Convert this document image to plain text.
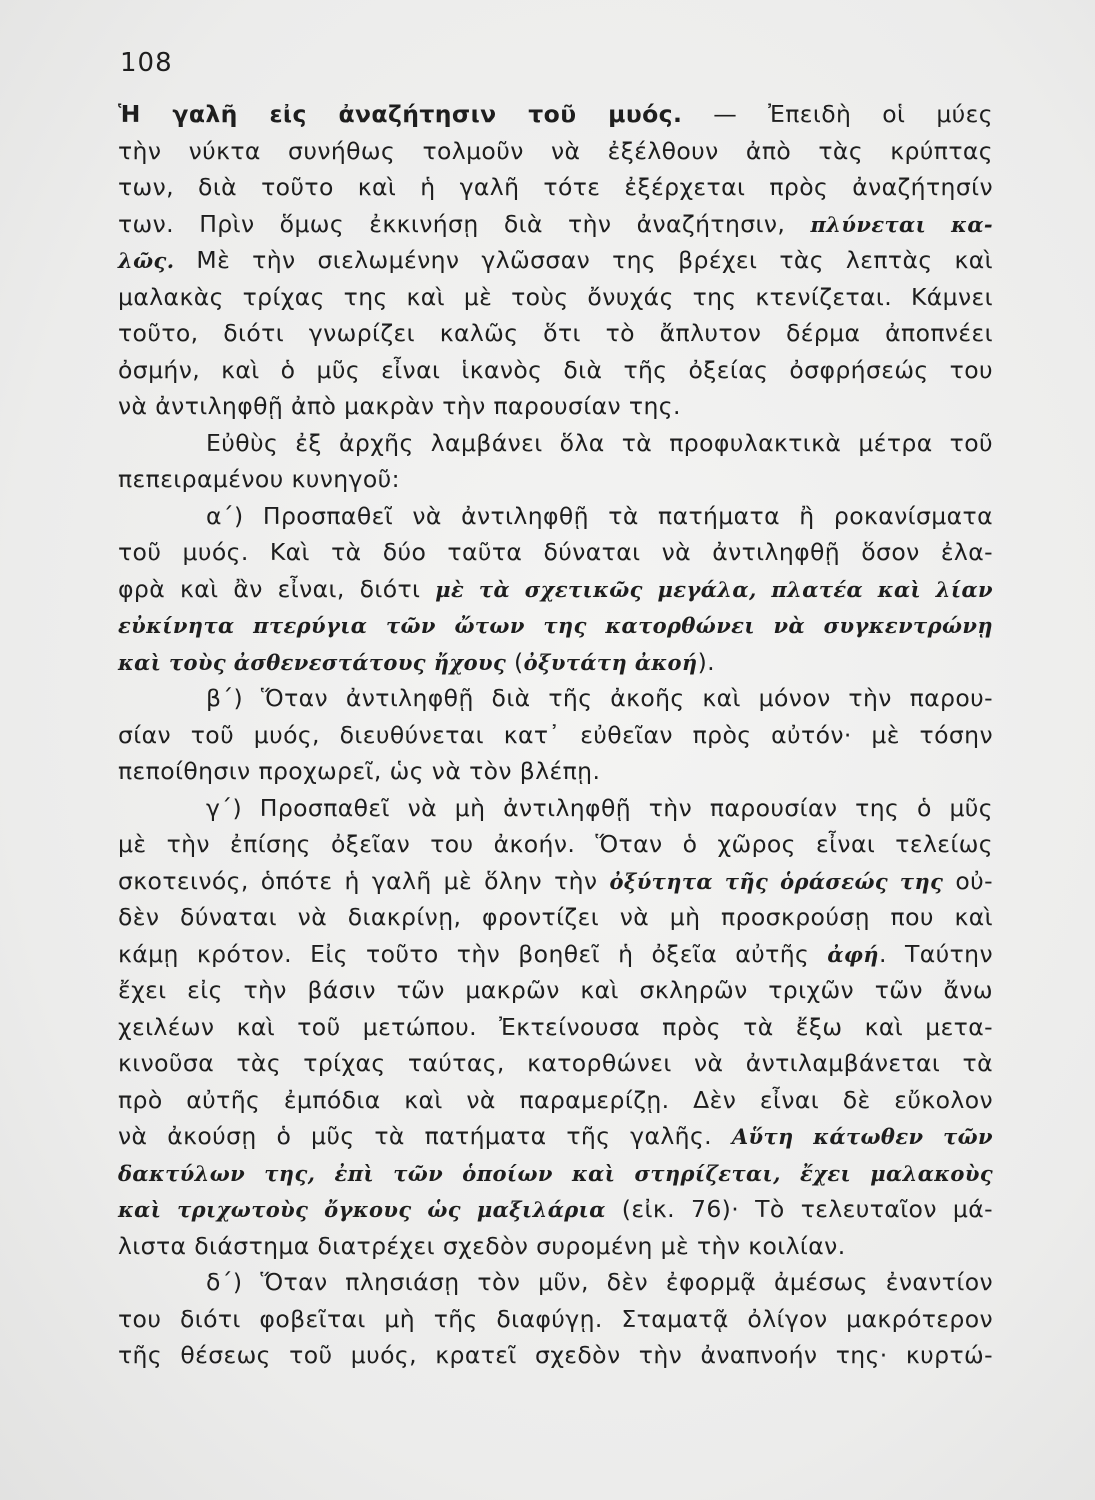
108
Ἡ γαλῆ εἰς ἀναζήτησιν τοῦ μυός. — Ἐπειδὴ οἱ μύες
τὴν νύκτα συνήθως τολμοῦν νὰ ἐξέλθουν ἀπὸ τὰς κρύπτας
των, διὰ τοῦτο καὶ ἡ γαλῆ τότε ἐξέρχεται πρὸς ἀναζήτησίν
των. Πρὶν ὅμως ἐκκινήσῃ διὰ τὴν ἀναζήτησιν, πλύνεται κα-
λῶς. Μὲ τὴν σιελωμένην γλῶσσαν της βρέχει τὰς λεπτὰς καὶ
μαλακὰς τρίχας της καὶ μὲ τοὺς ὄνυχάς της κτενίζεται. Κάμνει
τοῦτο, διότι γνωρίζει καλῶς ὅτι τὸ ἄπλυτον δέρμα ἀποπνέει
ὀσμήν, καὶ ὁ μῦς εἶναι ἱκανὸς διὰ τῆς ὀξείας ὀσφρήσεώς του
νὰ ἀντιληφθῇ ἀπὸ μακρὰν τὴν παρουσίαν της.
Εὐθὺς ἐξ ἀρχῆς λαμβάνει ὅλα τὰ προφυλακτικὰ μέτρα τοῦ
πεπειραμένου κυνηγοῦ:
α΄) Προσπαθεῖ νὰ ἀντιληφθῇ τὰ πατήματα ἢ ροκανίσματα
τοῦ μυός. Καὶ τὰ δύο ταῦτα δύναται νὰ ἀντιληφθῇ ὅσον ἐλα-
φρὰ καὶ ἂν εἶναι, διότι μὲ τὰ σχετικῶς μεγάλα, πλατέα καὶ λίαν
εὐκίνητα πτερύγια τῶν ὤτων της κατορθώνει νὰ συγκεντρώνῃ
καὶ τοὺς ἀσθενεστάτους ἤχους (ὀξυτάτη ἀκοή).
β΄) Ὅταν ἀντιληφθῇ διὰ τῆς ἀκοῆς καὶ μόνον τὴν παρου-
σίαν τοῦ μυός, διευθύνεται κατ᾽ εὐθεῖαν πρὸς αὐτόν· μὲ τόσην
πεποίθησιν προχωρεῖ, ὡς νὰ τὸν βλέπῃ.
γ΄) Προσπαθεῖ νὰ μὴ ἀντιληφθῇ τὴν παρουσίαν της ὁ μῦς
μὲ τὴν ἐπίσης ὀξεῖαν του ἀκοήν. Ὅταν ὁ χῶρος εἶναι τελείως
σκοτεινός, ὁπότε ἡ γαλῆ μὲ ὅλην τὴν ὀξύτητα τῆς ὁράσεώς της οὐ-
δὲν δύναται νὰ διακρίνῃ, φροντίζει νὰ μὴ προσκρούσῃ που καὶ
κάμῃ κρότον. Εἰς τοῦτο τὴν βοηθεῖ ἡ ὀξεῖα αὐτῆς ἀφή. Ταύτην
ἔχει εἰς τὴν βάσιν τῶν μακρῶν καὶ σκληρῶν τριχῶν τῶν ἄνω
χειλέων καὶ τοῦ μετώπου. Ἐκτείνουσα πρὸς τὰ ἔξω καὶ μετα-
κινοῦσα τὰς τρίχας ταύτας, κατορθώνει νὰ ἀντιλαμβάνεται τὰ
πρὸ αὐτῆς ἐμπόδια καὶ νὰ παραμερίζῃ. Δὲν εἶναι δὲ εὔκολον
νὰ ἀκούσῃ ὁ μῦς τὰ πατήματα τῆς γαλῆς. Αὕτη κάτωθεν τῶν
δακτύλων της, ἐπὶ τῶν ὁποίων καὶ στηρίζεται, ἔχει μαλακοὺς
καὶ τριχωτοὺς ὄγκους ὡς μαξιλάρια (εἰκ. 76)· Τὸ τελευταῖον μά-
λιστα διάστημα διατρέχει σχεδὸν συρομένη μὲ τὴν κοιλίαν.
δ΄) Ὅταν πλησιάσῃ τὸν μῦν, δὲν ἐφορμᾷ ἀμέσως ἐναντίον
του διότι φοβεῖται μὴ τῆς διαφύγῃ. Σταματᾷ ὀλίγον μακρότερον
τῆς θέσεως τοῦ μυός, κρατεῖ σχεδὸν τὴν ἀναπνοήν της· κυρτώ-
